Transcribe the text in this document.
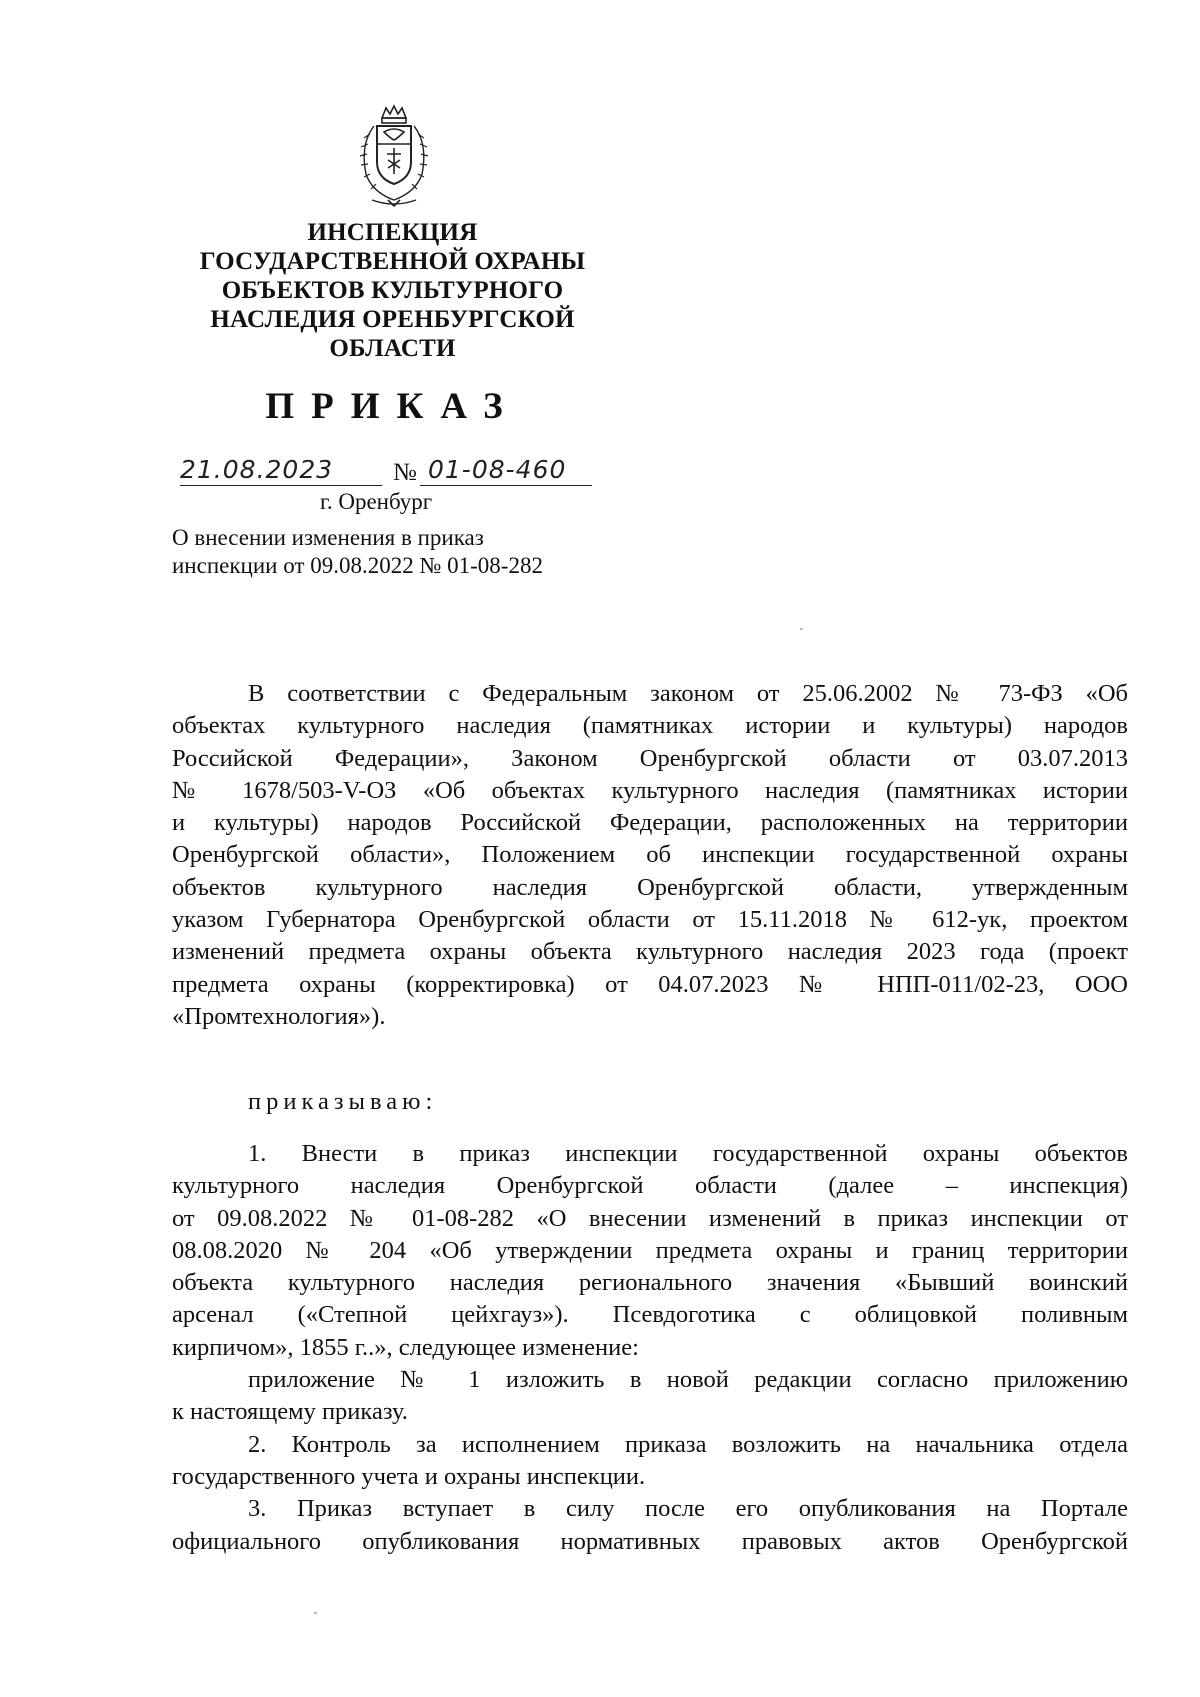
ИНСПЕКЦИЯ
ГОСУДАРСТВЕННОЙ ОХРАНЫ
ОБЪЕКТОВ КУЛЬТУРНОГО
НАСЛЕДИЯ ОРЕНБУРГСКОЙ
ОБЛАСТИ
ПРИКАЗ
21.08.2023 № 01-08-460
г. Оренбург
О внесении изменения в приказ
инспекции от 09.08.2022 № 01-08-282
В соответствии с Федеральным законом от 25.06.2002 № 73-ФЗ «Об
объектах культурного наследия (памятниках истории и культуры) народов
Российской Федерации», Законом Оренбургской области от 03.07.2013
№ 1678/503-V-ОЗ «Об объектах культурного наследия (памятниках истории
и культуры) народов Российской Федерации, расположенных на территории
Оренбургской области», Положением об инспекции государственной охраны
объектов культурного наследия Оренбургской области, утвержденным
указом Губернатора Оренбургской области от 15.11.2018 № 612-ук, проектом
изменений предмета охраны объекта культурного наследия 2023 года (проект
предмета охраны (корректировка) от 04.07.2023 № НПП-011/02-23, ООО
«Промтехнология»).
приказываю:
1. Внести в приказ инспекции государственной охраны объектов
культурного наследия Оренбургской области (далее – инспекция)
от 09.08.2022 № 01-08-282 «О внесении изменений в приказ инспекции от
08.08.2020 № 204 «Об утверждении предмета охраны и границ территории
объекта культурного наследия регионального значения «Бывший воинский
арсенал («Степной цейхгауз»). Псевдоготика с облицовкой поливным
кирпичом», 1855 г..», следующее изменение:
приложение № 1 изложить в новой редакции согласно приложению
к настоящему приказу.
2. Контроль за исполнением приказа возложить на начальника отдела
государственного учета и охраны инспекции.
3. Приказ вступает в силу после его опубликования на Портале
официального опубликования нормативных правовых актов Оренбургской
